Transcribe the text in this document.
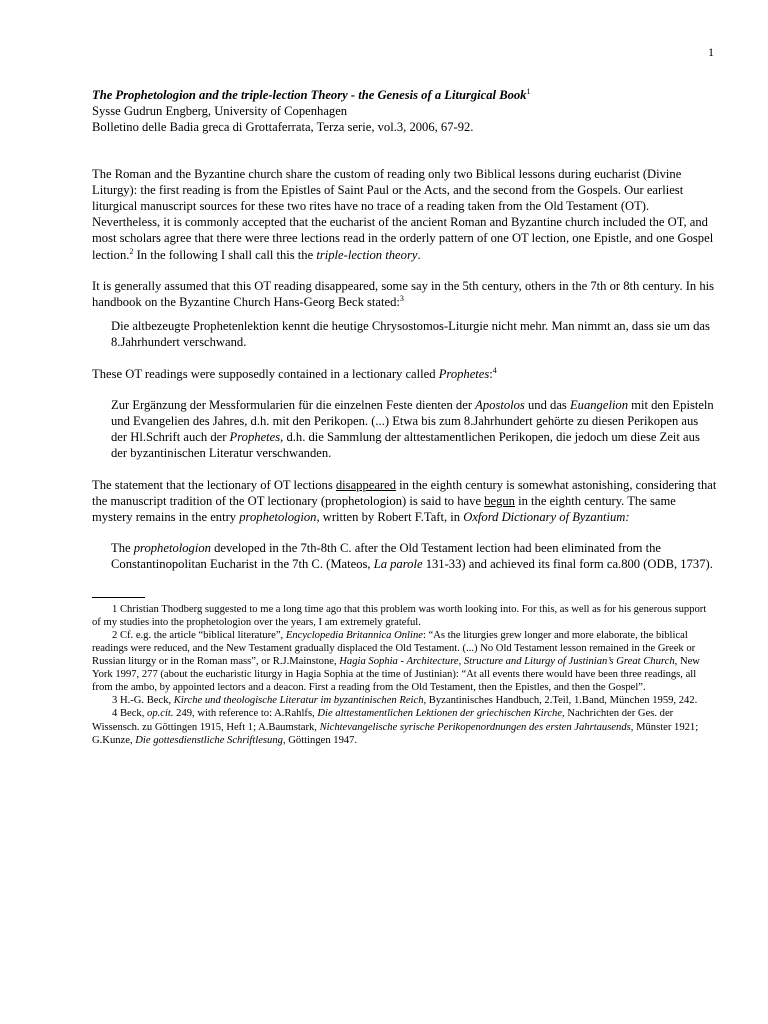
1
The Prophetologion and the triple-lection Theory - the Genesis of a Liturgical Book$^1$
Sysse Gudrun Engberg, University of Copenhagen
Bolletino delle Badia greca di Grottaferrata, Terza serie, vol.3, 2006, 67-92.

The Roman and the Byzantine church share the custom of reading only two Biblical lessons during eucharist (Divine Liturgy): the first reading is from the Epistles of Saint Paul or the Acts, and the second from the Gospels. Our earliest liturgical manuscript sources for these two rites have no trace of a reading taken from the Old Testament (OT). Nevertheless, it is commonly accepted that the eucharist of the ancient Roman and Byzantine church included the OT, and most scholars agree that there were three lections read in the orderly pattern of one OT lection, one Epistle, and one Gospel lection.$^2$ In the following I shall call this the triple-lection theory.

It is generally assumed that this OT reading disappeared, some say in the 5th century, others in the 7th or 8th century. In his handbook on the Byzantine Church Hans-Georg Beck stated:$^3$

Die altbezeugte Prophetenlektion kennt die heutige Chrysostomos-Liturgie nicht mehr. Man nimmt an, dass sie um das 8.Jahrhundert verschwand.

These OT readings were supposedly contained in a lectionary called Prophetes:$^4$

Zur Ergänzung der Messformularien für die einzelnen Feste dienten der Apostolos und das Euangelion mit den Episteln und Evangelien des Jahres, d.h. mit den Perikopen. (...) Etwa bis zum 8.Jahrhundert gehörte zu diesen Perikopen aus der Hl.Schrift auch der Prophetes, d.h. die Sammlung der alttestamentlichen Perikopen, die jedoch um diese Zeit aus der byzantinischen Literatur verschwanden.

The statement that the lectionary of OT lections disappeared in the eighth century is somewhat astonishing, considering that the manuscript tradition of the OT lectionary (prophetologion) is said to have begun in the eighth century. The same mystery remains in the entry prophetologion, written by Robert F.Taft, in Oxford Dictionary of Byzantium:

The prophetologion developed in the 7th-8th C. after the Old Testament lection had been eliminated from the Constantinopolitan Eucharist in the 7th C. (Mateos, La parole 131-33) and achieved its final form ca.800 (ODB, 1737).

1 Christian Thodberg suggested to me a long time ago that this problem was worth looking into. For this, as well as for his generous support of my studies into the prophetologion over the years, I am extremely grateful.

2 Cf. e.g. the article “biblical literature”, Encyclopedia Britannica Online: “As the liturgies grew longer and more elaborate, the biblical readings were reduced, and the New Testament gradually displaced the Old Testament. (...) No Old Testament lesson remained in the Greek or Russian liturgy or in the Roman mass”, or R.J.Mainstone, Hagia Sophia - Architecture, Structure and Liturgy of Justinian’s Great Church, New York 1997, 277 (about the eucharistic liturgy in Hagia Sophia at the time of Justinian): “At all events there would have been three readings, all from the ambo, by appointed lectors and a deacon. First a reading from the Old Testament, then the Epistles, and then the Gospel”.

3 H.-G. Beck, Kirche und theologische Literatur im byzantinischen Reich, Byzantinisches Handbuch, 2.Teil, 1.Band, München 1959, 242.

4 Beck, op.cit. 249, with reference to: A.Rahlfs, Die alttestamentlichen Lektionen der griechischen Kirche, Nachrichten der Ges. der Wissensch. zu Göttingen 1915, Heft 1; A.Baumstark, Nichtevangelische syrische Perikopenordnungen des ersten Jahrtausends, Münster 1921; G.Kunze, Die gottesdienstliche Schriftlesung, Göttingen 1947.
